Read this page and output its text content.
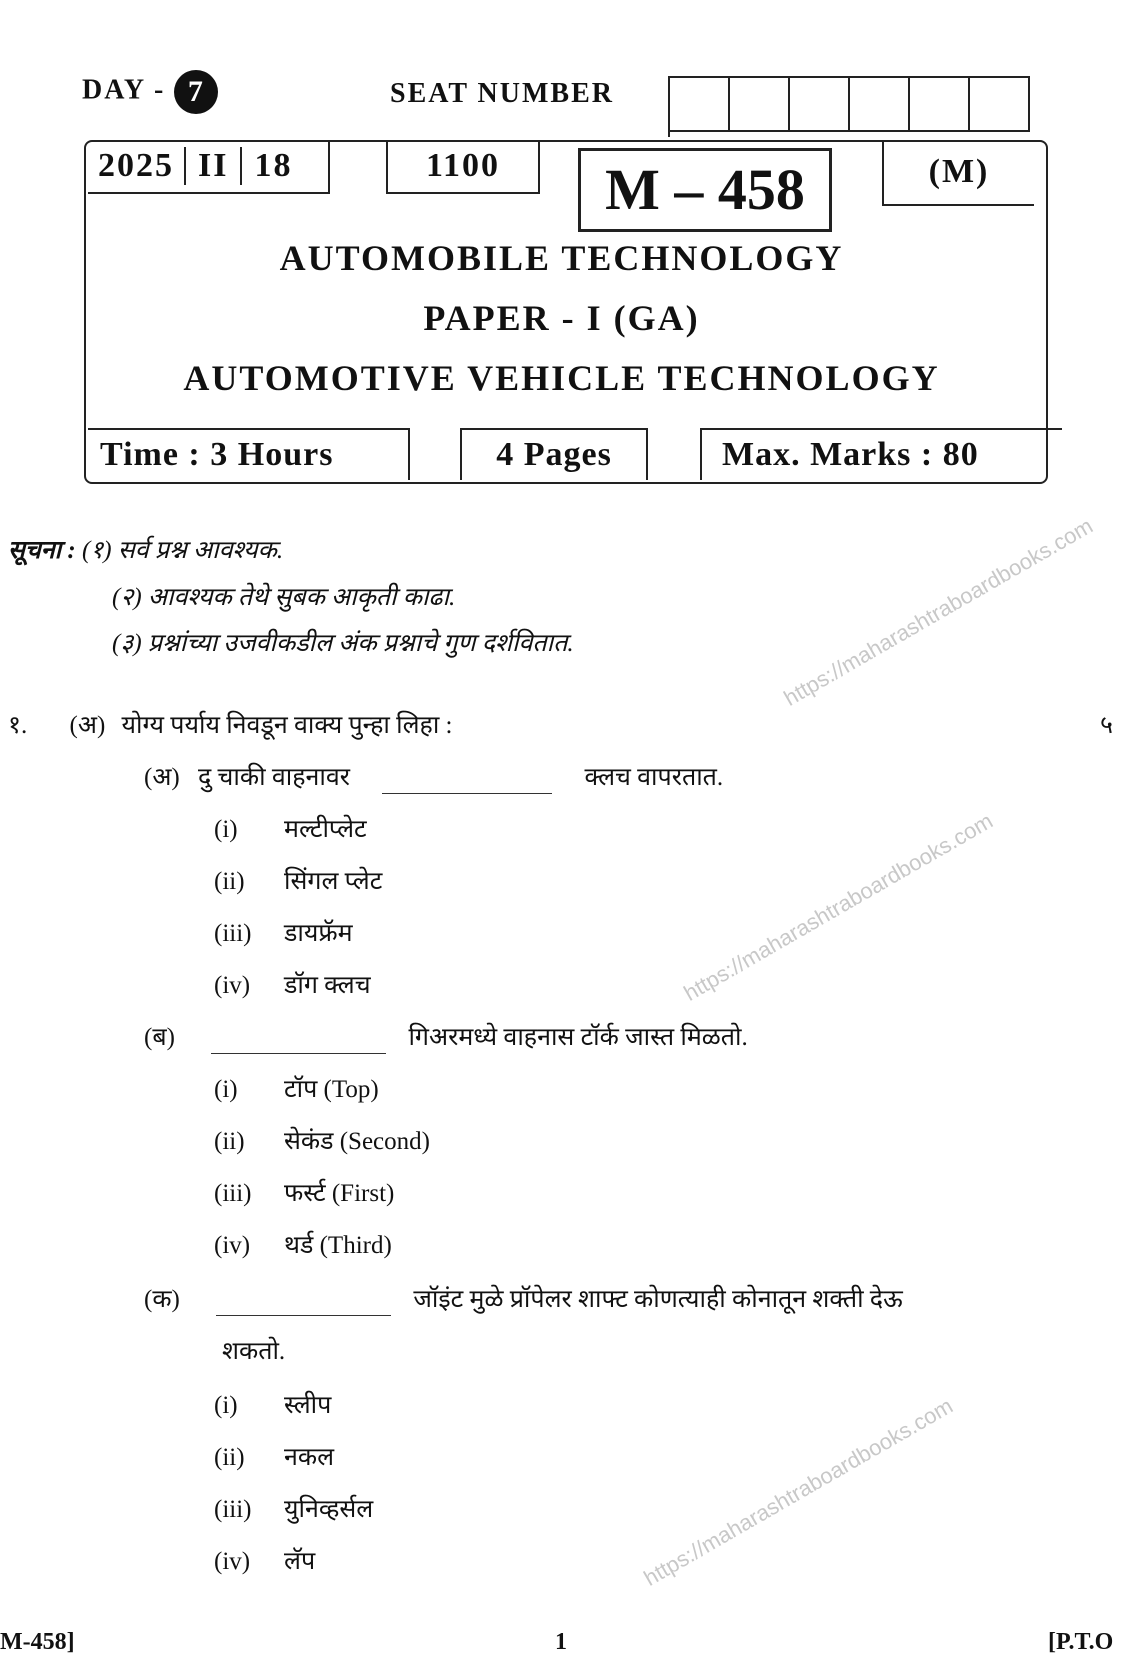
https://maharashtraboardbooks.com
https://maharashtraboardbooks.com
https://maharashtraboardbooks.com
DAY - 7	SEAT NUMBER
2025 II 18	1100	M – 458	(M)
AUTOMOBILE TECHNOLOGY
PAPER - I (GA)
AUTOMOTIVE VEHICLE TECHNOLOGY
Time : 3 Hours	4 Pages	Max. Marks : 80
सूचना : (१) सर्व प्रश्न आवश्यक.
(२) आवश्यक तेथे सुबक आकृती काढा.
(३) प्रश्नांच्या उजवीकडील अंक प्रश्नाचे गुण दर्शवितात.
१. (अ) योग्य पर्याय निवडून वाक्य पुन्हा लिहा :	५
(अ) दु चाकी वाहनावर	क्लच वापरतात.
(i) मल्टीप्लेट
(ii) सिंगल प्लेट
(iii) डायफ्रॅम
(iv) डॉग क्लच
(ब)	गिअरमध्ये वाहनास टॉर्क जास्त मिळतो.
(i) टॉप (Top)
(ii) सेकंड (Second)
(iii) फर्स्ट (First)
(iv) थर्ड (Third)
(क)	जॉइंट मुळे प्रॉपेलर शाफ्ट कोणत्याही कोनातून शक्ती देऊ
शकतो.
(i) स्लीप
(ii) नकल
(iii) युनिव्हर्सल
(iv) लॅप
M-458]	1	[P.T.O
